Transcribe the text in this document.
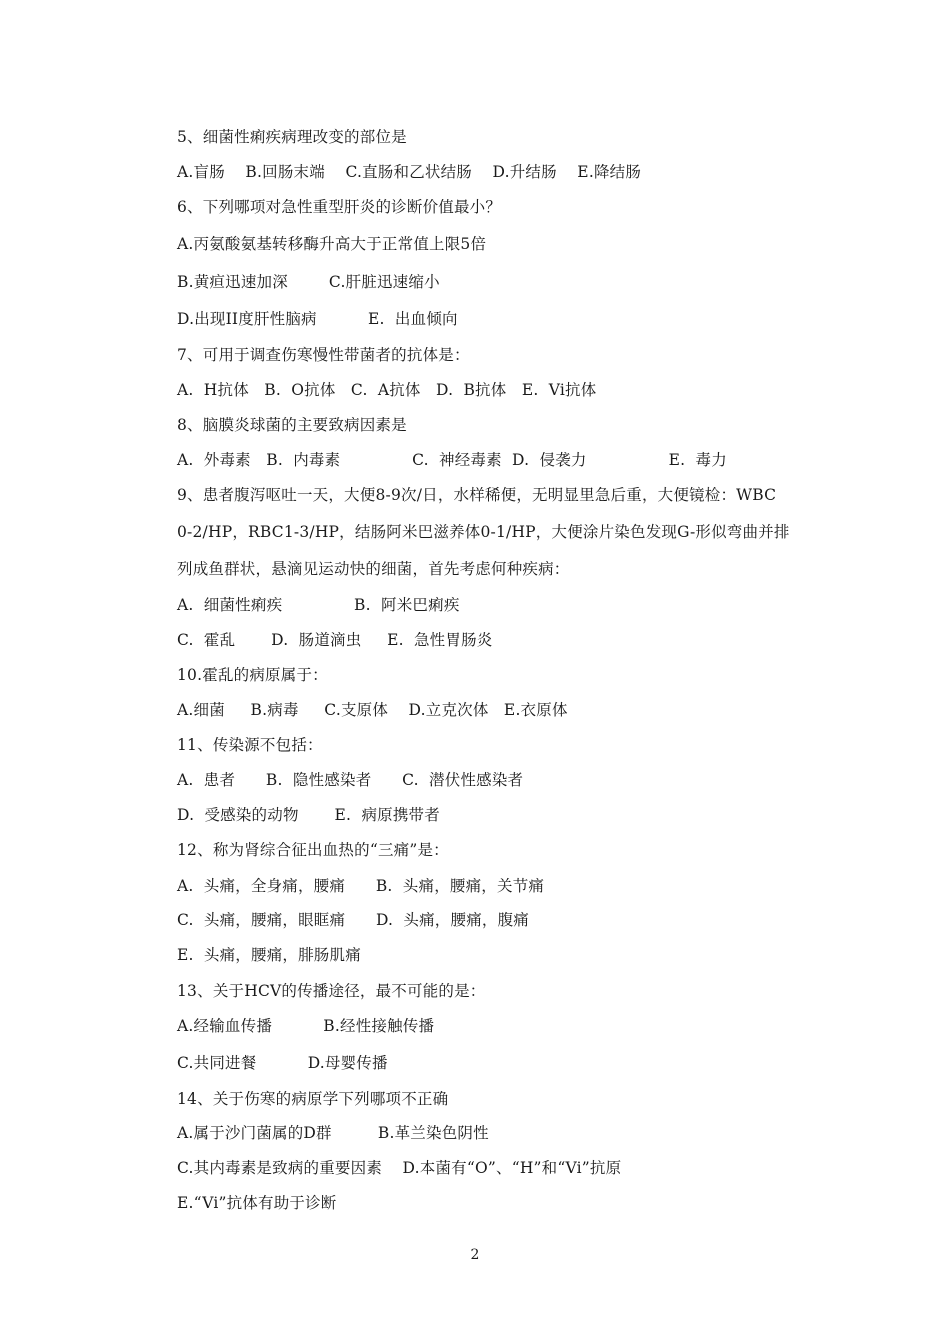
5、细菌性痢疾病理改变的部位是
A.盲肠    B.回肠末端    C.直肠和乙状结肠    D.升结肠    E.降结肠
6、下列哪项对急性重型肝炎的诊断价值最小？
A.丙氨酸氨基转移酶升高大于正常值上限5倍
B.黄疸迅速加深        C.肝脏迅速缩小
D.出现II度肝性脑病          E.  出血倾向
7、可用于调查伤寒慢性带菌者的抗体是：
A.  H抗体   B.  O抗体   C.  A抗体   D.  B抗体   E.  Vi抗体
8、脑膜炎球菌的主要致病因素是
A.  外毒素   B.  内毒素              C.  神经毒素  D.  侵袭力                E.  毒力
9、患者腹泻呕吐一天，大便8-9次/日，水样稀便，无明显里急后重，大便镜检：WBC
0-2/HP，RBC1-3/HP，结肠阿米巴滋养体0-1/HP，大便涂片染色发现G-形似弯曲并排
列成鱼群状，悬滴见运动快的细菌，首先考虑何种疾病：
A.  细菌性痢疾              B.  阿米巴痢疾
C.  霍乱       D.  肠道滴虫     E.  急性胃肠炎
10.霍乱的病原属于：
A.细菌     B.病毒     C.支原体    D.立克次体   E.衣原体
11、传染源不包括：
A.  患者      B.  隐性感染者      C.  潜伏性感染者
D.  受感染的动物       E.  病原携带者
12、称为肾综合征出血热的“三痛”是：
A.  头痛，全身痛，腰痛      B.  头痛，腰痛，关节痛
C.  头痛，腰痛，眼眶痛      D.  头痛，腰痛，腹痛
E.  头痛，腰痛，腓肠肌痛
13、关于HCV的传播途径，最不可能的是：
A.经输血传播          B.经性接触传播
C.共同进餐          D.母婴传播
14、关于伤寒的病原学下列哪项不正确
A.属于沙门菌属的D群         B.革兰染色阴性
C.其内毒素是致病的重要因素    D.本菌有“O”、“H”和“Vi”抗原
E.“Vi”抗体有助于诊断
2
